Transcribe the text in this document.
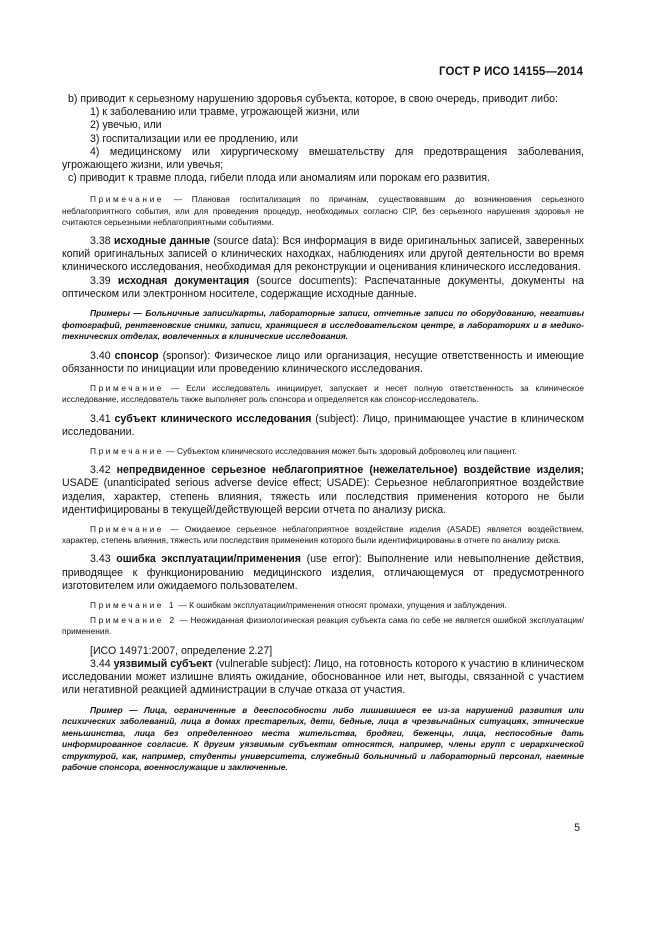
ГОСТ Р ИСО 14155—2014

b) приводит к серьезному нарушению здоровья субъекта, которое, в свою очередь, приводит либо:

1) к заболеванию или травме, угрожающей жизни, или

2) увечью, или

3) госпитализации или ее продлению, или

4) медицинскому или хирургическому вмешательству для предотвращения заболевания, угрожающего жизни, или увечья;

c) приводит к травме плода, гибели плода или аномалиям или порокам его развития.

Примечание — Плановая госпитализация по причинам, существовавшим до возникновения серьезного неблагоприятного события, или для проведения процедур, необходимых согласно CIP, без серьезного нарушения здоровья не считаются серьезными неблагоприятными событиями.

3.38 исходные данные (source data): Вся информация в виде оригинальных записей, заверенных копий оригинальных записей о клинических находках, наблюдениях или другой деятельности во время клинического исследования, необходимая для реконструкции и оценивания клинического исследования.

3.39 исходная документация (source documents): Распечатанные документы, документы на оптическом или электронном носителе, содержащие исходные данные.

Примеры — Больничные записи/карты, лабораторные записи, отчетные записи по оборудованию, негативы фотографий, рентгеновские снимки, записи, хранящиеся в исследовательском центре, в лабораториях и в медико-технических отделах, вовлеченных в клинические исследования.

3.40 спонсор (sponsor): Физическое лицо или организация, несущие ответственность и имеющие обязанности по инициации или проведению клинического исследования.

Примечание — Если исследователь инициирует, запускает и несет полную ответственность за клиническое исследование, исследователь также выполняет роль спонсора и определяется как спонсор-исследователь.

3.41 субъект клинического исследования (subject): Лицо, принимающее участие в клиническом исследовании.

Примечание — Субъектом клинического исследования может быть здоровый доброволец или пациент.

3.42 непредвиденное серьезное неблагоприятное (нежелательное) воздействие изделия; USADE (unanticipated serious adverse device effect; USADE): Серьезное неблагоприятное воздействие изделия, характер, степень влияния, тяжесть или последствия применения которого не были идентифицированы в текущей/действующей версии отчета по анализу риска.

Примечание — Ожидаемое серьезное неблагоприятное воздействие изделия (ASADE) является воздействием, характер, степень влияния, тяжесть или последствия применения которого были идентифицированы в отчете по анализу риска.

3.43 ошибка эксплуатации/применения (use error): Выполнение или невыполнение действия, приводящее к функционированию медицинского изделия, отличающемуся от предусмотренного изготовителем или ожидаемого пользователем.

Примечание 1 — К ошибкам эксплуатации/применения относят промахи, упущения и заблуждения.

Примечание 2 — Неожиданная физиологическая реакция субъекта сама по себе не является ошибкой эксплуатации/применения.

[ИСО 14971:2007, определение 2.27]

3.44 уязвимый субъект (vulnerable subject): Лицо, на готовность которого к участию в клиническом исследовании может излишне влиять ожидание, обоснованное или нет, выгоды, связанной с участием или негативной реакцией администрации в случае отказа от участия.

Пример — Лица, ограниченные в дееспособности либо лишившиеся ее из-за нарушений развития или психических заболеваний, лица в домах престарелых, дети, бедные, лица в чрезвычайных ситуациях, этнические меньшинства, лица без определенного места жительства, бродяги, беженцы, лица, неспособные дать информированное согласие. К другим уязвимым субъектам относятся, например, члены групп с иерархической структурой, как, например, студенты университета, служебный больничный и лабораторный персонал, наемные рабочие спонсора, военнослужащие и заключенные.

5
